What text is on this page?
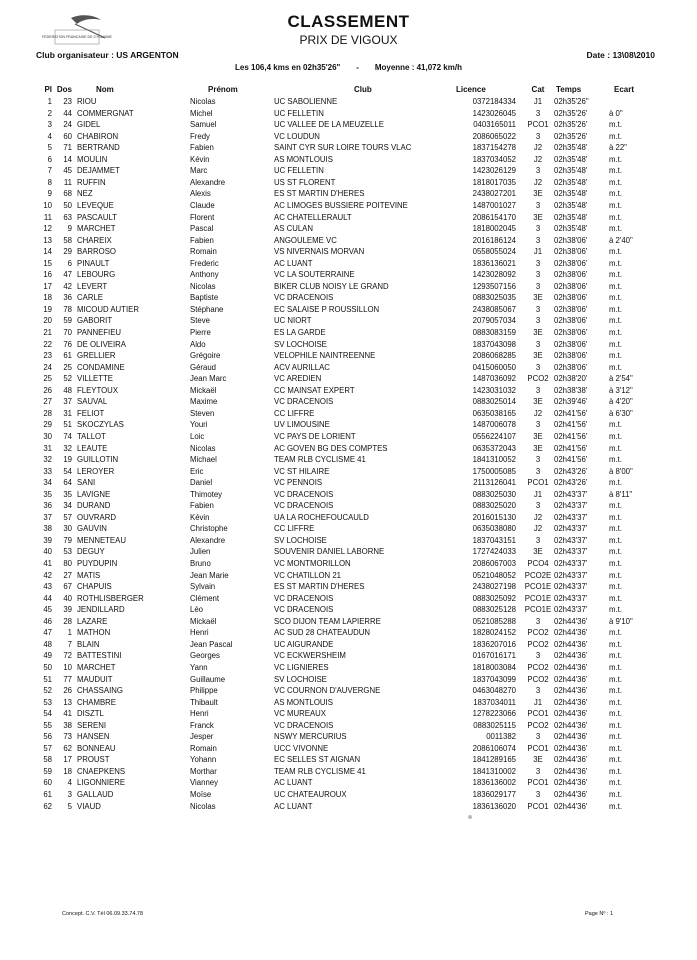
FEDERATION FRANCAISE DE CYCLISME
CLASSEMENT
PRIX DE VIGOUX
Club organisateur : US ARGENTON	Date : 13\08\2010
Les 106,4 kms en 02h35'26" - Moyenne : 41,072 km/h
Pl Dos	Nom	Prénom	Club	Licence	Cat	Temps	Ecart
1	23 RIOU	Nicolas	UC SABOLIENNE	0372184334	J1	02h35'26"
2	44 COMMERGNAT	Michel	UC FELLETIN	1423026045	3	02h35'26'	à 0"
3	24 GIDEL	Samuel	UC VALLEE DE LA MEUZELLE	0403165011	PCO1 02h35'26'	m.t.
4	60 CHABIRON	Fredy	VC LOUDUN	2086065022	3	02h35'26'	m.t.
5	71 BERTRAND	Fabien	SAINT CYR SUR LOIRE TOURS VLAC	1837154278	J2	02h35'48'	à 22"
6	14 MOULIN	Kévin	AS MONTLOUIS	1837034052	J2	02h35'48'	m.t.
7	45 DEJAMMET	Marc	UC FELLETIN	1423026129	3	02h35'48'	m.t.
8	11 RUFFIN	Alexandre	US ST FLORENT	1818017035	J2	02h35'48'	m.t.
9	68 NEZ	Alexis	ES ST MARTIN D'HERES	2438027201	3E	02h35'48'	m.t.
10	50 LEVEQUE	Claude	AC LIMOGES BUSSIERE POITEVINE	1487001027	3	02h35'48'	m.t.
11	63 PASCAULT	Florent	AC CHATELLERAULT	2086154170	3E	02h35'48'	m.t.
12	9 MARCHET	Pascal	AS CULAN	1818002045	3	02h35'48'	m.t.
13	58 CHAREIX	Fabien	ANGOULEME VC	2016186124	3	02h38'06'	à 2'40"
14	29 BARROSO	Romain	VS NIVERNAIS MORVAN	0558055024	J1	02h38'06'	m.t.
15	6 PINAULT	Frederic	AC LUANT	1836136021	3	02h38'06'	m.t.
16	47 LEBOURG	Anthony	VC LA SOUTERRAINE	1423028092	3	02h38'06'	m.t.
17	42 LEVERT	Nicolas	BIKER CLUB NOISY LE GRAND	1293507156	3	02h38'06'	m.t.
18	36 CARLE	Baptiste	VC DRACENOIS	0883025035	3E	02h38'06'	m.t.
19	78 MICOUD AUTIER	Stéphane	EC SALAISE P ROUSSILLON	2438085067	3	02h38'06'	m.t.
20	59 GABORIT	Steve	UC NIORT	2079057034	3	02h38'06'	m.t.
21	70 PANNEFIEU	Pierre	ES LA GARDE	0883083159	3E	02h38'06'	m.t.
22	76 DE OLIVEIRA	Aldo	SV LOCHOISE	1837043098	3	02h38'06'	m.t.
23	61 GRELLIER	Grégoire	VELOPHILE NAINTREENNE	2086068285	3E	02h38'06'	m.t.
24	25 CONDAMINE	Géraud	ACV AURILLAC	0415060050	3	02h38'06'	m.t.
25	52 VILLETTE	Jean Marc	VC AREDIEN	1487036092	PCO2 02h38'20'	à 2'54"
26	48 FLEYTOUX	Mickaël	CC MAINSAT EXPERT	1423031032	3	02h38'38'	à 3'12"
27	37 SAUVAL	Maxime	VC DRACENOIS	0883025014	3E	02h39'46'	à 4'20"
28	31 FELIOT	Steven	CC LIFFRE	0635038165	J2	02h41'56'	à 6'30"
29	51 SKOCZYLAS	Youri	UV LIMOUSINE	1487006078	3	02h41'56'	m.t.
30	74 TALLOT	Loic	VC PAYS DE LORIENT	0556224107	3E	02h41'56'	m.t.
31	32 LEAUTE	Nicolas	AC GOVEN BG DES COMPTES	0635372043	3E	02h41'56'	m.t.
32	19 GUILLOTIN	Michael	TEAM RLB CYCLISME 41	1841310052	3	02h41'56'	m.t.
33	54 LEROYER	Eric	VC ST HILAIRE	1750005085	3	02h43'26'	à 8'00"
34	64 SANI	Daniel	VC PENNOIS	2113126041	PCO1 02h43'26'	m.t.
35	35 LAVIGNE	Thimotey	VC DRACENOIS	0883025030	J1	02h43'37'	à 8'11"
36	34 DURAND	Fabien	VC DRACENOIS	0883025020	3	02h43'37'	m.t.
37	57 OUVRARD	Kévin	UA LA ROCHEFOUCAULD	2016015130	J2	02h43'37'	m.t.
38	30 GAUVIN	Christophe	CC LIFFRE	0635038080	J2	02h43'37'	m.t.
39	79 MENNETEAU	Alexandre	SV LOCHOISE	1837043151	3	02h43'37'	m.t.
40	53 DEGUY	Julien	SOUVENIR DANIEL LABORNE	1727424033	3E	02h43'37'	m.t.
41	80 PUYDUPIN	Bruno	VC MONTMORILLON	2086067003	PCO4 02h43'37'	m.t.
42	27 MATIS	Jean Marie	VC CHATILLON 21	0521048052 PCO2E 02h43'37'	m.t.
43	67 CHAPUIS	Sylvain	ES ST MARTIN D'HERES	2438027198 PCO1E 02h43'37'	m.t.
44	40 ROTHLISBERGER	Clément	VC DRACENOIS	0883025092 PCO1E 02h43'37'	m.t.
45	39 JENDILLARD	Léo	VC DRACENOIS	0883025128 PCO1E 02h43'37'	m.t.
46	28 LAZARE	Mickaël	SCO DIJON TEAM LAPIERRE	0521085288	3	02h44'36'	à 9'10"
47	1 MATHON	Henri	AC SUD 28 CHATEAUDUN	1828024152	PCO2 02h44'36'	m.t.
48	7 BLAIN	Jean Pascal	UC AIGURANDE	1836207016	PCO2 02h44'36'	m.t.
49	72 BATTESTINI	Georges	VC ECKWERSHEIM	0167016171	3	02h44'36'	m.t.
50	10 MARCHET	Yann	VC LIGNIERES	1818003084	PCO2 02h44'36'	m.t.
51	77 MAUDUIT	Guillaume	SV LOCHOISE	1837043099	PCO2 02h44'36'	m.t.
52	26 CHASSAING	Philippe	VC COURNON D'AUVERGNE	0463048270	3	02h44'36'	m.t.
53	13 CHAMBRE	Thibault	AS MONTLOUIS	1837034011	J1	02h44'36'	m.t.
54	41 DISZTL	Henri	VC MUREAUX	1278223066	PCO1 02h44'36'	m.t.
55	38 SERENI	Franck	VC DRACENOIS	0883025115	PCO2 02h44'36'	m.t.
56	73 HANSEN	Jesper	NSWY MERCURIUS	0011382	3	02h44'36'	m.t.
57	62 BONNEAU	Romain	UCC VIVONNE	2086106074	PCO1 02h44'36'	m.t.
58	17 PROUST	Yohann	EC SELLES ST AIGNAN	1841289165	3E	02h44'36'	m.t.
59	18 CNAEPKENS	Morthar	TEAM RLB CYCLISME 41	1841310002	3	02h44'36'	m.t.
60	4 LIGONNIERE	Vianney	AC LUANT	1836136002	PCO1 02h44'36'	m.t.
61	3 GALLAUD	Moïse	UC CHATEAUROUX	1836029177	3	02h44'36'	m.t.
62	5 VIAUD	Nicolas	AC LUANT	1836136020	PCO1 02h44'36'	m.t.
Concept. C.V. Tél 06.09.33.74.78	Page Nº : 1
